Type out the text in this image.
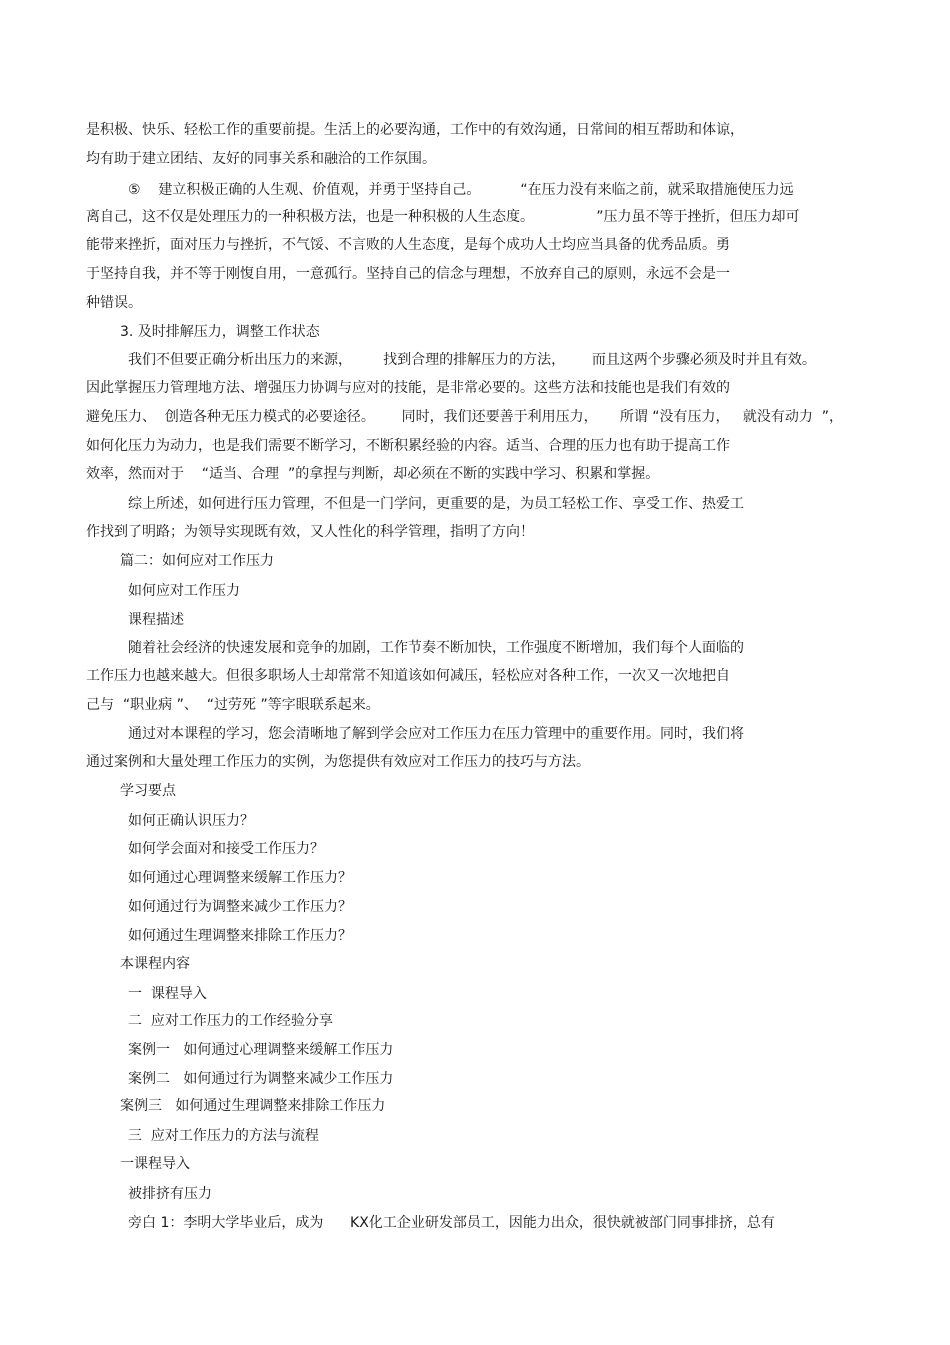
是积极、快乐、轻松工作的重要前提。生活上的必要沟通，工作中的有效沟通，日常间的相互帮助和体谅，
均有助于建立团结、友好的同事关系和融洽的工作氛围。
⑤    建立积极正确的人生观、价值观，并勇于坚持自己。         “在压力没有来临之前，就采取措施使压力远
离自己，这不仅是处理压力的一种积极方法，也是一种积极的人生态度。              ”压力虽不等于挫折，但压力却可
能带来挫折，面对压力与挫折，不气馁、不言败的人生态度，是每个成功人士均应当具备的优秀品质。勇
于坚持自我，并不等于刚愎自用，一意孤行。坚持自己的信念与理想，不放弃自己的原则，永远不会是一
种错误。
3. 及时排解压力，调整工作状态
我们不但要正确分析出压力的来源，       找到合理的排解压力的方法，      而且这两个步骤必须及时并且有效。
因此掌握压力管理地方法、增强压力协调与应对的技能，是非常必要的。这些方法和技能也是我们有效的
避免压力、  创造各种无压力模式的必要途径。      同时，我们还要善于利用压力，     所谓 “没有压力，   就没有动力  ”，
如何化压力为动力，也是我们需要不断学习，不断积累经验的内容。适当、合理的压力也有助于提高工作
效率，然而对于    “适当、合理  ”的拿捏与判断，却必须在不断的实践中学习、积累和掌握。
综上所述，如何进行压力管理，不但是一门学问，更重要的是，为员工轻松工作、享受工作、热爱工
作找到了明路；为领导实现既有效，又人性化的科学管理，指明了方向！
篇二：如何应对工作压力
如何应对工作压力
课程描述
随着社会经济的快速发展和竞争的加剧，工作节奏不断加快，工作强度不断增加，我们每个人面临的
工作压力也越来越大。但很多职场人士却常常不知道该如何减压，轻松应对各种工作，一次又一次地把自
己与  “职业病 ”、  “过劳死 ”等字眼联系起来。
通过对本课程的学习，您会清晰地了解到学会应对工作压力在压力管理中的重要作用。同时，我们将
通过案例和大量处理工作压力的实例，为您提供有效应对工作压力的技巧与方法。
学习要点
如何正确认识压力？
如何学会面对和接受工作压力？
如何通过心理调整来缓解工作压力？
如何通过行为调整来减少工作压力？
如何通过生理调整来排除工作压力？
本课程内容
一  课程导入
二  应对工作压力的工作经验分享
案例一   如何通过心理调整来缓解工作压力
案例二   如何通过行为调整来减少工作压力
案例三   如何通过生理调整来排除工作压力
三  应对工作压力的方法与流程
一课程导入
被排挤有压力
旁白 1：李明大学毕业后，成为      KX化工企业研发部员工，因能力出众，很快就被部门同事排挤，总有
